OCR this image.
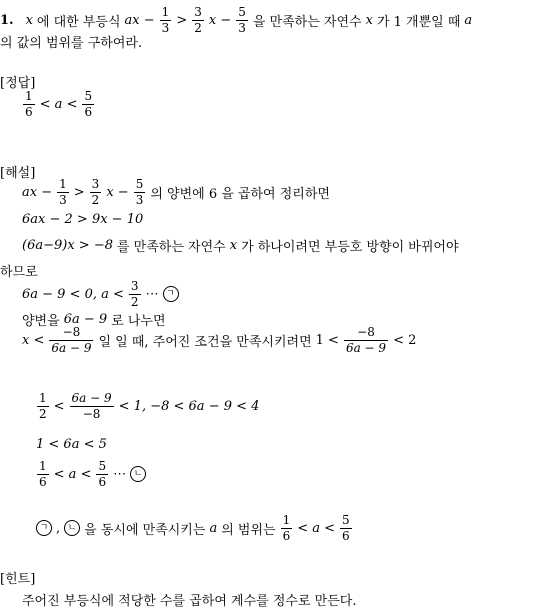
1. x 에 대한 부등식 ax − $\frac{1}{3} > \frac{3}{2}$ $x - \frac{5}{3}$ 을 만족하는 자연수 x 가 1 개뿐일 때 a
의 값의 범위를 구하여라.
[정답]
$\frac{1}{6} < a < \frac{5}{6}$
[해설]
ax − $\frac{1}{3} > \frac{3}{2}$ $x - \frac{5}{3}$ 의 양변에 6 을 곱하여 정리하면
6ax − 2 > 9x − 10
(6a−9)x > −8 를 만족하는 자연수 x 가 하나이려면 부등호 방향이 바뀌어야
하므로
6a − 9 < 0, $a < \frac{3}{2}$ ⋯ ㄱ
양변을 6a − 9 로 나누면
$x < \frac{-8}{6a - 9}$ 일 일 때, 주어진 조건을 만족시키려면 $1 < \frac{-8}{6a - 9} < 2$
$\frac{1}{2} < \frac{6a - 9}{-8} < 1$, −8 < 6a − 9 < 4
1 < 6a < 5
$\frac{1}{6} < a < \frac{5}{6}$ ⋯ ㄴ
ㄱ , ㄴ 을 동시에 만족시키는 a 의 범위는 $\frac{1}{6} < a < \frac{5}{6}$
[힌트]
주어진 부등식에 적당한 수를 곱하여 계수를 정수로 만든다.
